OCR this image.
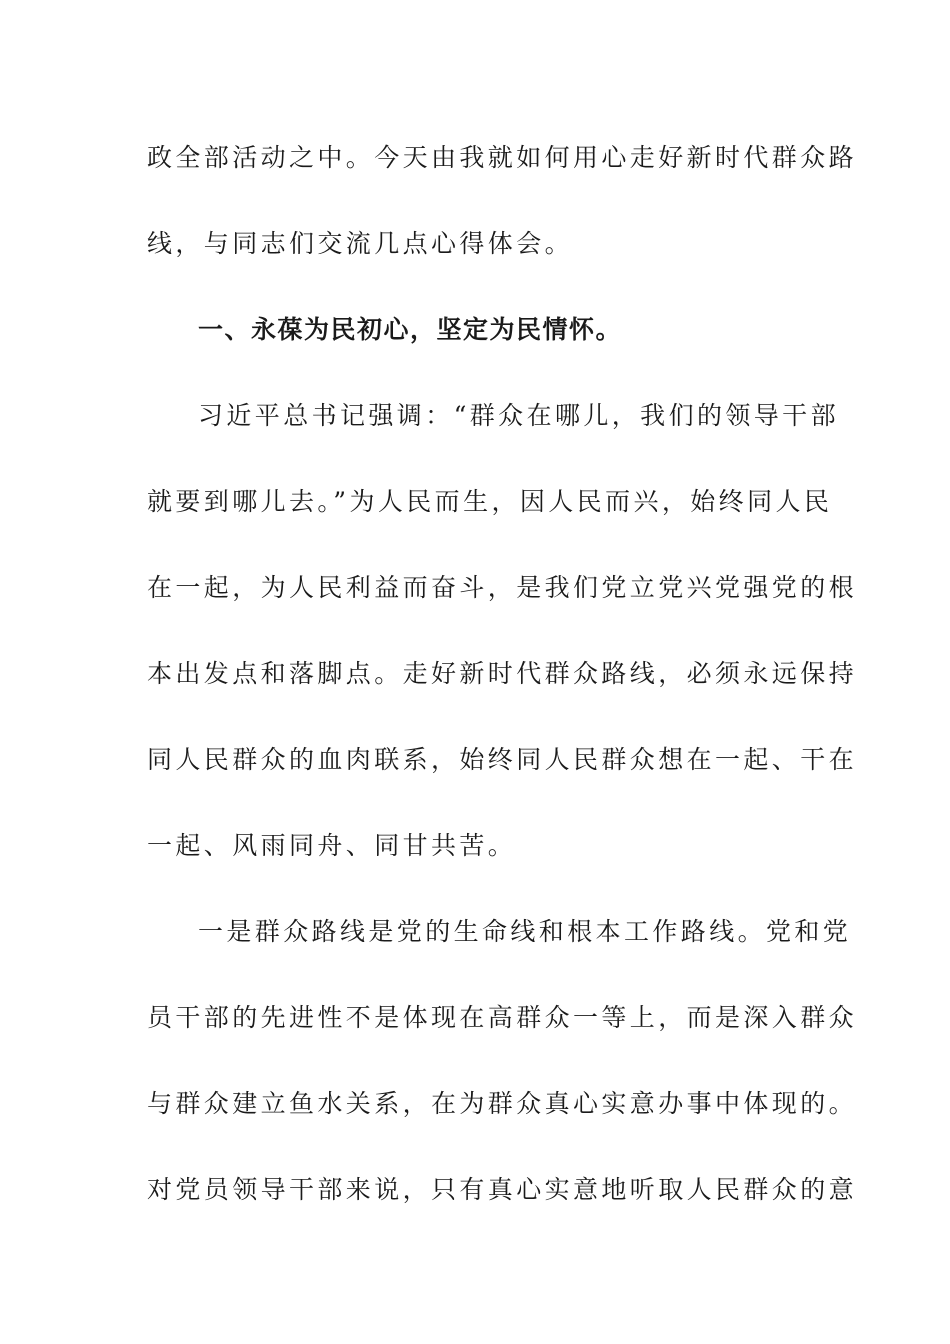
政全部活动之中。今天由我就如何用心走好新时代群众路
线，与同志们交流几点心得体会。
一、永葆为民初心，坚定为民情怀。
习近平总书记强调：“群众在哪儿，我们的领导干部
就要到哪儿去。”为人民而生，因人民而兴，始终同人民
在一起，为人民利益而奋斗，是我们党立党兴党强党的根
本出发点和落脚点。走好新时代群众路线，必须永远保持
同人民群众的血肉联系，始终同人民群众想在一起、干在
一起、风雨同舟、同甘共苦。
一是群众路线是党的生命线和根本工作路线。党和党
员干部的先进性不是体现在高群众一等上，而是深入群众
与群众建立鱼水关系，在为群众真心实意办事中体现的。
对党员领导干部来说，只有真心实意地听取人民群众的意
